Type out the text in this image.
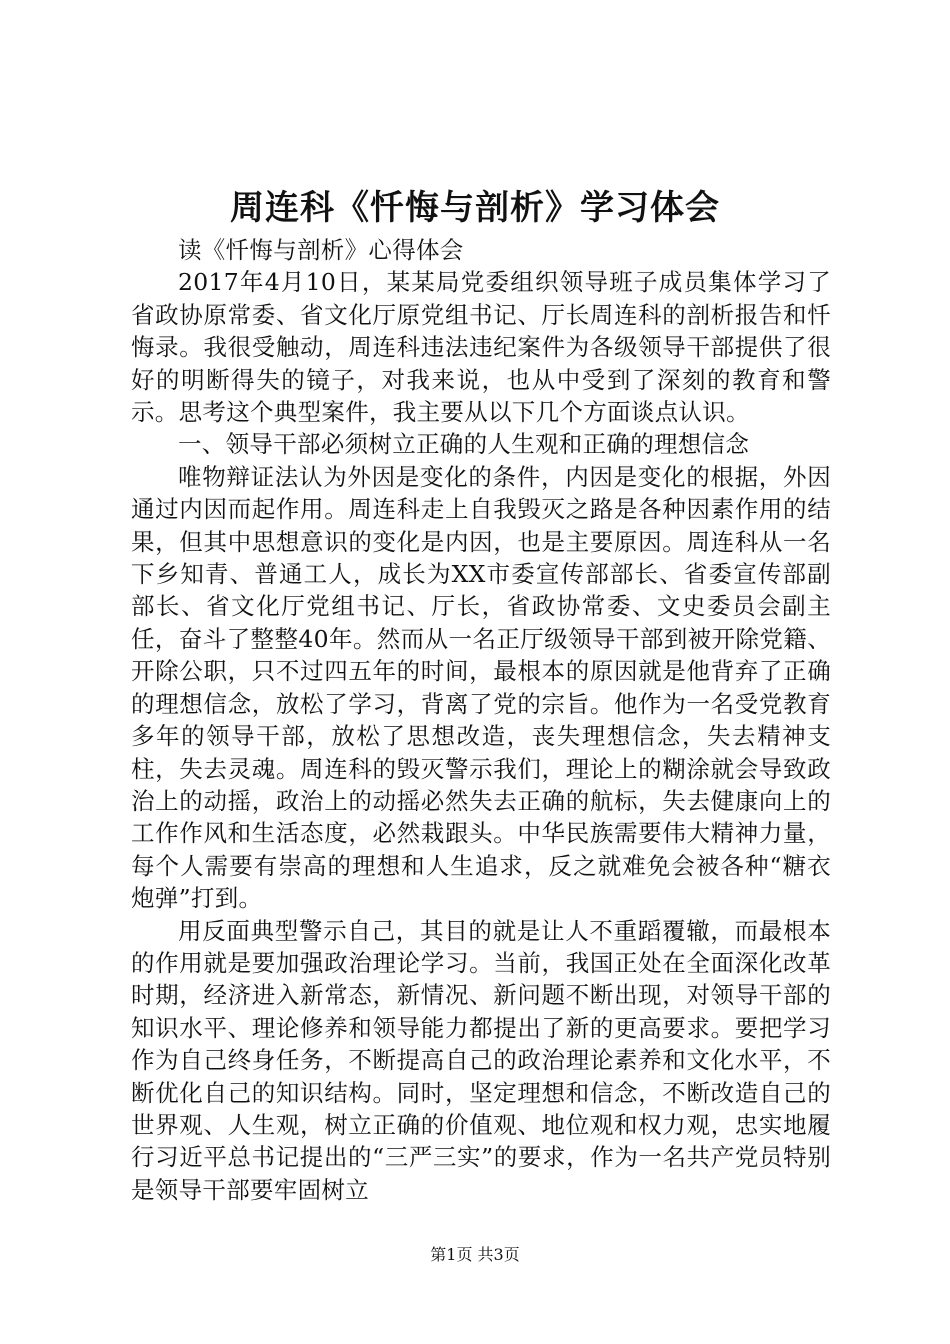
周连科《忏悔与剖析》学习体会

读《忏悔与剖析》心得体会

2017年4月10日，某某局党委组织领导班子成员集体学习了省政协原常委、省文化厅原党组书记、厅长周连科的剖析报告和忏悔录。我很受触动，周连科违法违纪案件为各级领导干部提供了很好的明断得失的镜子，对我来说，也从中受到了深刻的教育和警示。思考这个典型案件，我主要从以下几个方面谈点认识。

一、领导干部必须树立正确的人生观和正确的理想信念

唯物辩证法认为外因是变化的条件，内因是变化的根据，外因通过内因而起作用。周连科走上自我毁灭之路是各种因素作用的结果，但其中思想意识的变化是内因，也是主要原因。周连科从一名下乡知青、普通工人，成长为XX市委宣传部部长、省委宣传部副部长、省文化厅党组书记、厅长，省政协常委、文史委员会副主任，奋斗了整整40年。然而从一名正厅级领导干部到被开除党籍、开除公职，只不过四五年的时间，最根本的原因就是他背弃了正确的理想信念，放松了学习，背离了党的宗旨。他作为一名受党教育多年的领导干部，放松了思想改造，丧失理想信念，失去精神支柱，失去灵魂。周连科的毁灭警示我们，理论上的糊涂就会导致政治上的动摇，政治上的动摇必然失去正确的航标，失去健康向上的工作作风和生活态度，必然栽跟头。中华民族需要伟大精神力量，每个人需要有崇高的理想和人生追求，反之就难免会被各种“糖衣炮弹”打到。

用反面典型警示自己，其目的就是让人不重蹈覆辙，而最根本的作用就是要加强政治理论学习。当前，我国正处在全面深化改革时期，经济进入新常态，新情况、新问题不断出现，对领导干部的知识水平、理论修养和领导能力都提出了新的更高要求。要把学习作为自己终身任务，不断提高自己的政治理论素养和文化水平，不断优化自己的知识结构。同时，坚定理想和信念，不断改造自己的世界观、人生观，树立正确的价值观、地位观和权力观，忠实地履行习近平总书记提出的“三严三实”的要求，作为一名共产党员特别是领导干部要牢固树立

第1页 共3页
